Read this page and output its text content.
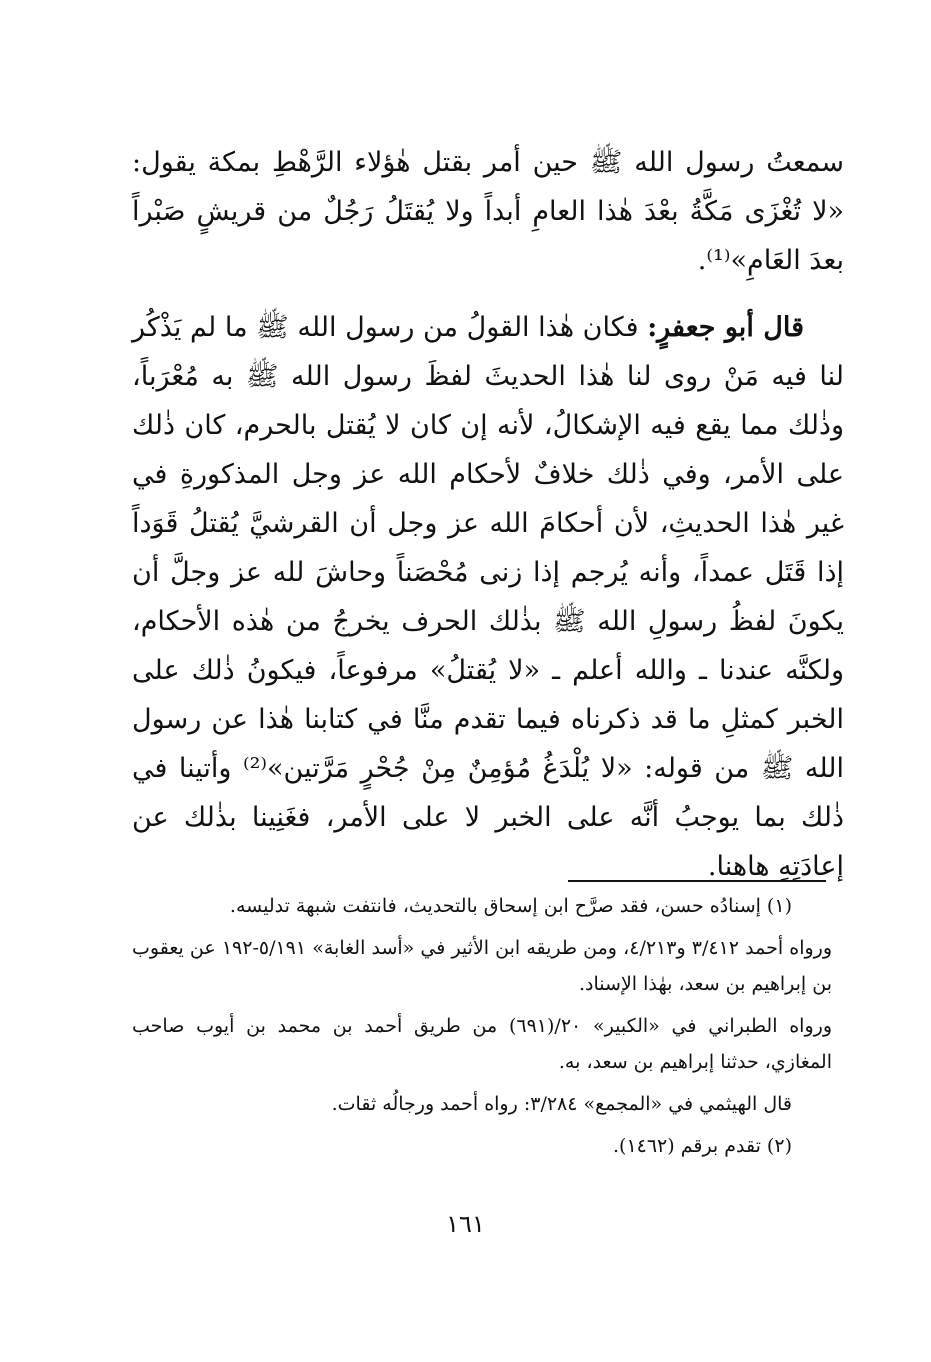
سمعتُ رسول الله ﷺ حين أمر بقتل هٰؤلاء الرَّهْطِ بمكة يقول: «لا تُغْزَى مَكَّةُ بعْدَ هٰذا العامِ أبداً ولا يُقتَلُ رَجُلٌ من قريشٍ صَبْراً بعدَ العَامِ»⁽¹⁾.

قال أبو جعفرٍ: فكان هٰذا القولُ من رسول الله ﷺ ما لم يَذْكُر لنا فيه مَنْ روى لنا هٰذا الحديثَ لفظَ رسول الله ﷺ به مُعْرَباً، وذٰلك مما يقع فيه الإشكالُ، لأنه إن كان لا يُقتل بالحرم، كان ذٰلك على الأمر، وفي ذٰلك خلافٌ لأحكام الله عز وجل المذكورةِ في غير هٰذا الحديثِ، لأن أحكامَ الله عز وجل أن القرشيَّ يُقتلُ قَوَداً إذا قَتَل عمداً، وأنه يُرجم إذا زنى مُحْصَناً وحاشَ لله عز وجلَّ أن يكونَ لفظُ رسولِ الله ﷺ بذٰلك الحرف يخرجُ من هٰذه الأحكام، ولكنَّه عندنا ـ والله أعلم ـ «لا يُقتلُ» مرفوعاً، فيكونُ ذٰلك على الخبر كمثلِ ما قد ذكرناه فيما تقدم منَّا في كتابنا هٰذا عن رسول الله ﷺ من قوله: «لا يُلْدَغُ مُؤمِنٌ مِنْ جُحْرٍ مَرَّتين»⁽²⁾ وأتينا في ذٰلك بما يوجبُ أنَّه على الخبر لا على الأمر، فغَنِينا بذٰلك عن إعادَتِهِ هاهنا.

(١) إسنادُه حسن، فقد صرَّح ابن إسحاق بالتحديث، فانتفت شبهة تدليسه.

ورواه أحمد ٣/٤١٢ و٤/٢١٣، ومن طريقه ابن الأثير في «أسد الغابة» ٥/١٩١-١٩٢ عن يعقوب بن إبراهيم بن سعد، بهٰذا الإسناد.

ورواه الطبراني في «الكبير» ٢٠/(٦٩١) من طريق أحمد بن محمد بن أيوب صاحب المغازي، حدثنا إبراهيم بن سعد، به.

قال الهيثمي في «المجمع» ٣/٢٨٤: رواه أحمد ورجالُه ثقات.

(٢) تقدم برقم (١٤٦٢).

١٦١
